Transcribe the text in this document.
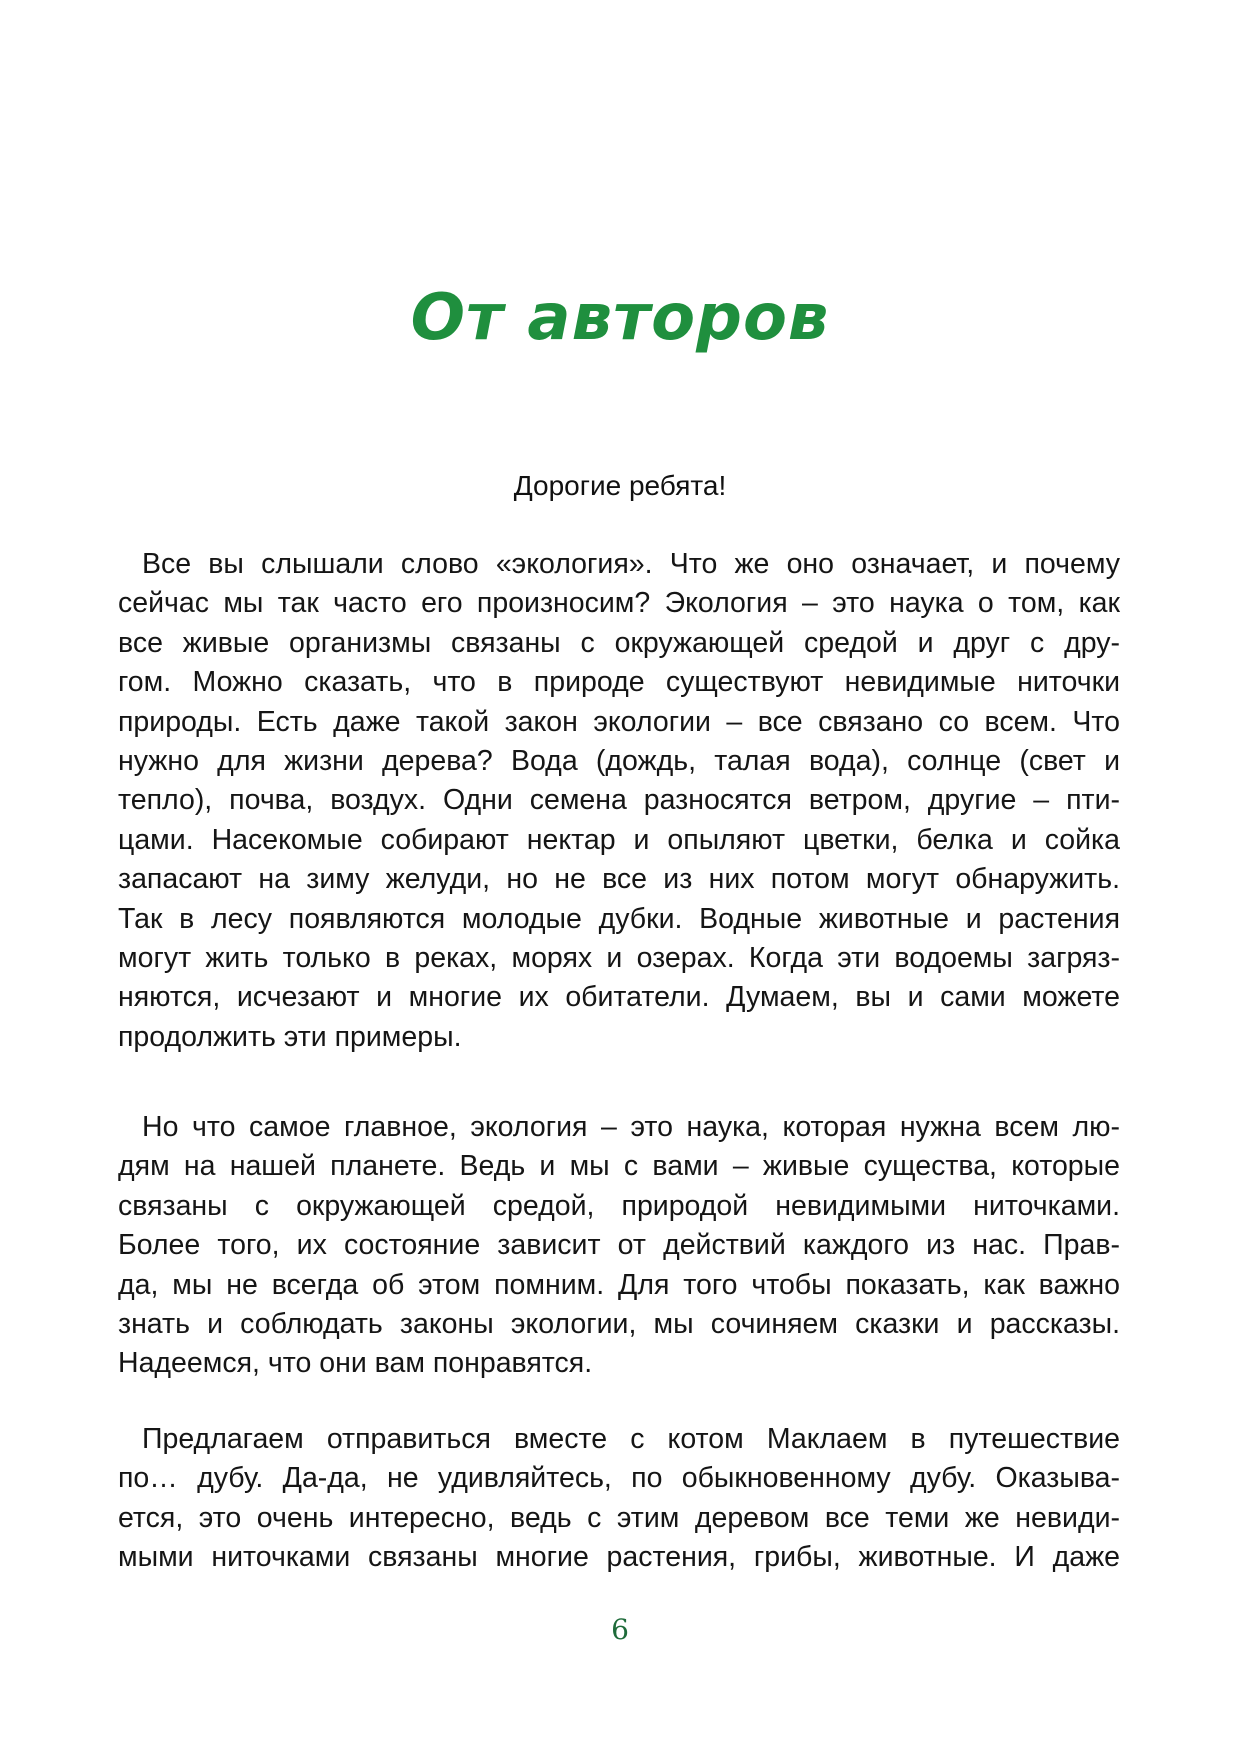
От авторов

Дорогие ребята!

Все вы слышали слово «экология». Что же оно означает, и почему
сейчас мы так часто его произносим? Экология – это наука о том, как
все живые организмы связаны с окружающей средой и друг с дру-
гом. Можно сказать, что в природе существуют невидимые ниточки
природы. Есть даже такой закон экологии – все связано со всем. Что
нужно для жизни дерева? Вода (дождь, талая вода), солнце (свет и
тепло), почва, воздух. Одни семена разносятся ветром, другие – пти-
цами. Насекомые собирают нектар и опыляют цветки, белка и сойка
запасают на зиму желуди, но не все из них потом могут обнаружить.
Так в лесу появляются молодые дубки. Водные животные и растения
могут жить только в реках, морях и озерах. Когда эти водоемы загряз-
няются, исчезают и многие их обитатели. Думаем, вы и сами можете
продолжить эти примеры.
Но что самое главное, экология – это наука, которая нужна всем лю-
дям на нашей планете. Ведь и мы с вами – живые существа, которые
связаны с окружающей средой, природой невидимыми ниточками.
Более того, их состояние зависит от действий каждого из нас. Прав-
да, мы не всегда об этом помним. Для того чтобы показать, как важно
знать и соблюдать законы экологии, мы сочиняем сказки и рассказы.
Надеемся, что они вам понравятся.
Предлагаем отправиться вместе с котом Маклаем в путешествие
по… дубу. Да-да, не удивляйтесь, по обыкновенному дубу. Оказыва-
ется, это очень интересно, ведь с этим деревом все теми же невиди-
мыми ниточками связаны многие растения, грибы, животные. И даже

6
